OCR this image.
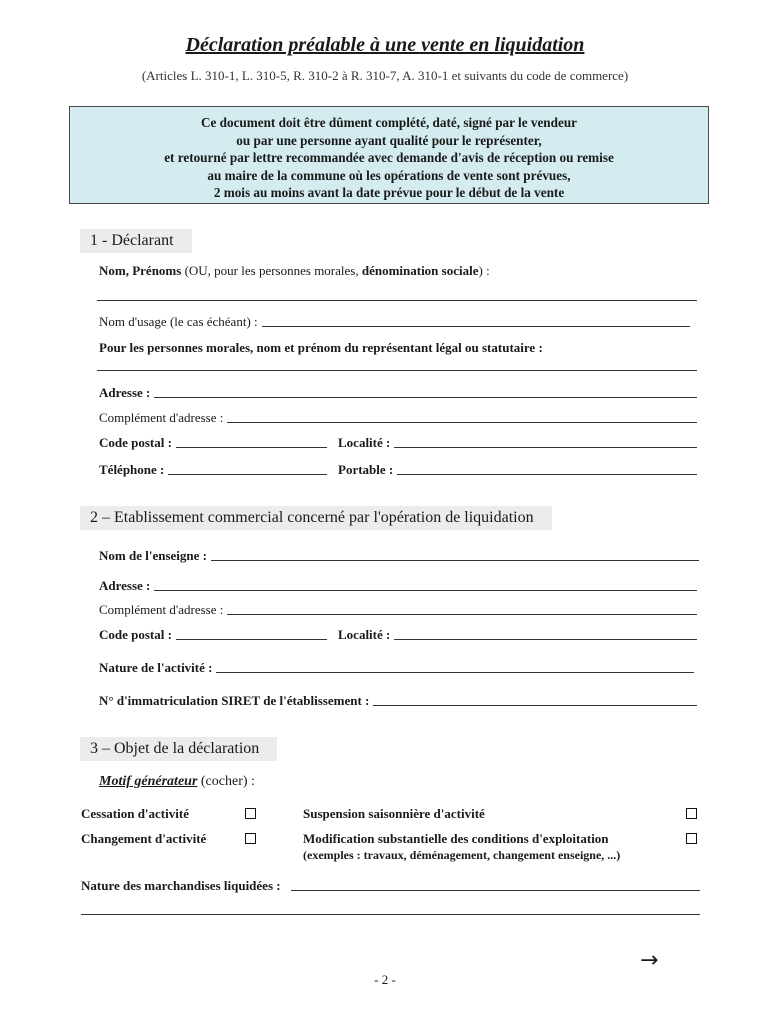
Déclaration préalable à une vente en liquidation
(Articles L. 310-1, L. 310-5, R. 310-2 à R. 310-7, A. 310-1 et suivants du code de commerce)
Ce document doit être dûment complété, daté, signé par le vendeur
ou par une personne ayant qualité pour le représenter,
et retourné par lettre recommandée avec demande d'avis de réception ou remise
au maire de la commune où les opérations de vente sont prévues,
2 mois au moins avant la date prévue pour le début de la vente
1 - Déclarant
Nom, Prénoms (OU, pour les personnes morales, dénomination sociale) :
Nom d'usage (le cas échéant) :
Pour les personnes morales, nom et prénom du représentant légal ou statutaire :
Adresse :
Complément d'adresse :
Code postal :	Localité :
Téléphone :	Portable :
2 – Etablissement commercial concerné par l'opération de liquidation
Nom de l'enseigne :
Adresse :
Complément d'adresse :
Code postal :	Localité :
Nature de l'activité :
N° d'immatriculation SIRET de l'établissement :
3 – Objet de la déclaration
Motif générateur (cocher) :
Cessation d'activité	Suspension saisonnière d'activité
Changement d'activité	Modification substantielle des conditions d'exploitation
(exemples : travaux, déménagement, changement enseigne, ...)
Nature des marchandises liquidées :
→
- 2 -
